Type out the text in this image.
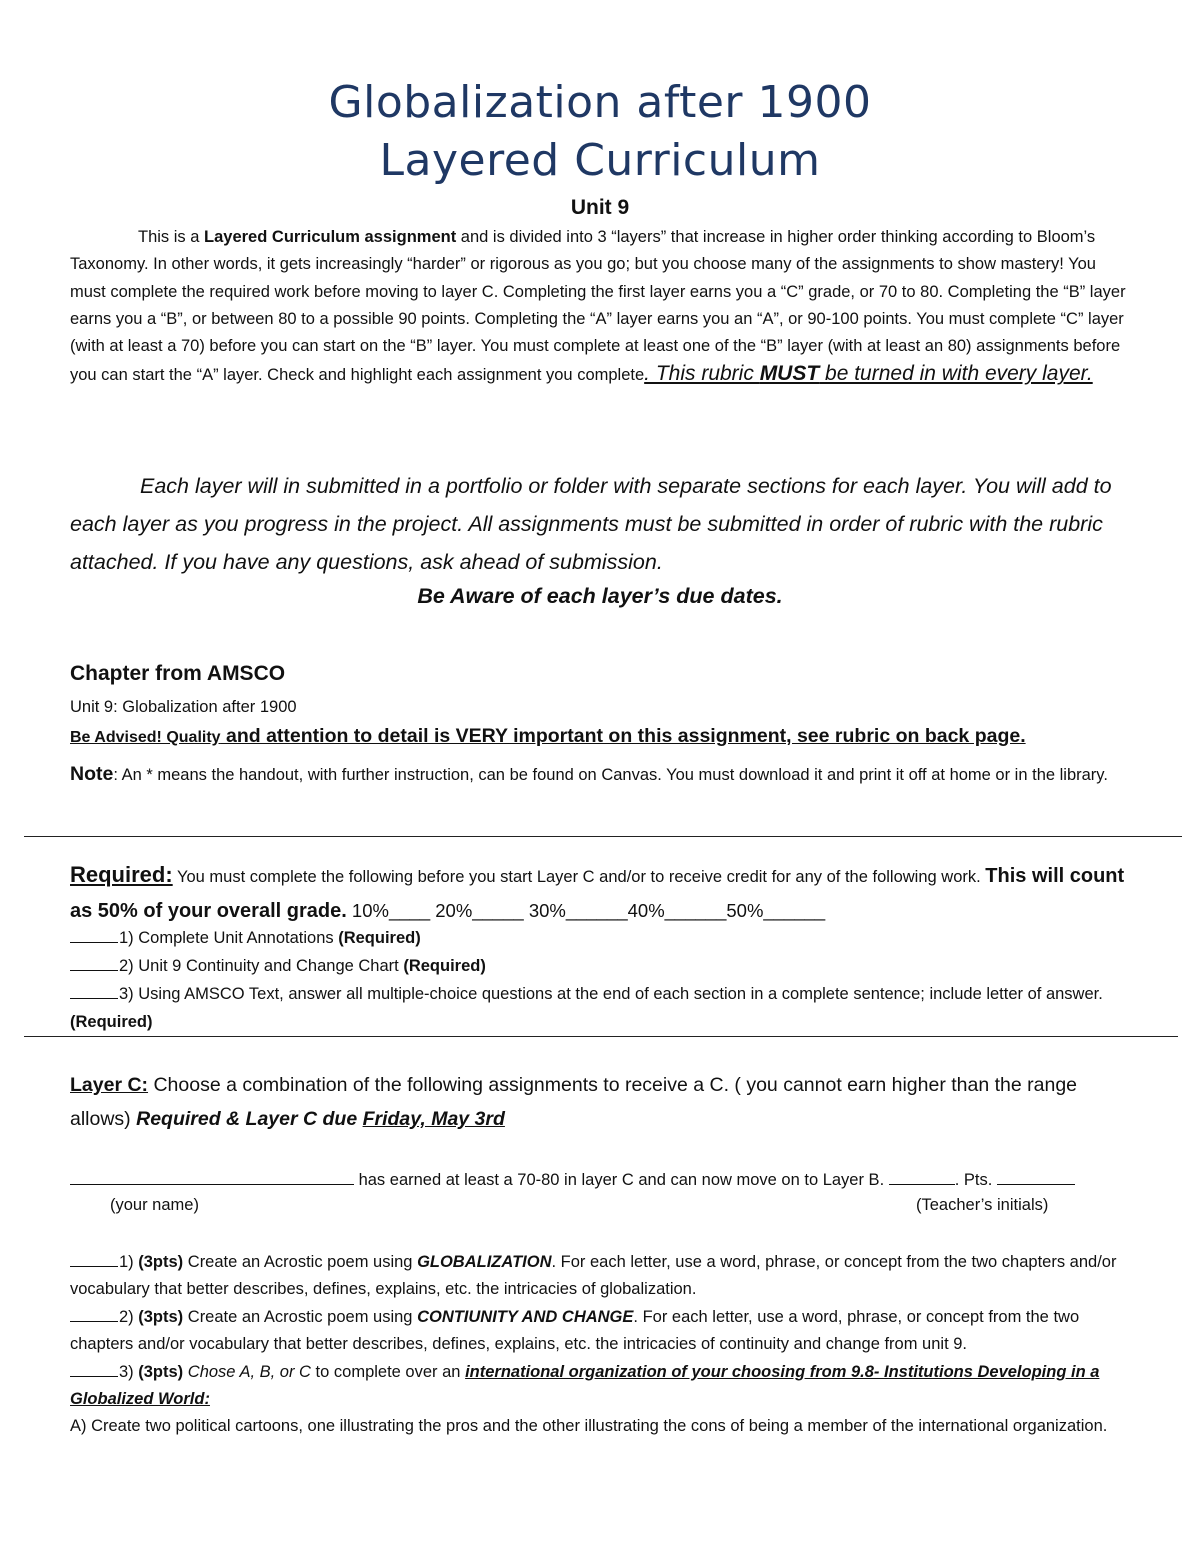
Globalization after 1900
Layered Curriculum
Unit 9
This is a Layered Curriculum assignment and is divided into 3 “layers” that increase in higher order thinking according to Bloom’s Taxonomy. In other words, it gets increasingly “harder” or rigorous as you go; but you choose many of the assignments to show mastery! You must complete the required work before moving to layer C. Completing the first layer earns you a “C” grade, or 70 to 80. Completing the “B” layer earns you a “B”, or between 80 to a possible 90 points. Completing the “A” layer earns you an “A”, or 90-100 points. You must complete “C” layer (with at least a 70) before you can start on the “B” layer. You must complete at least one of the “B” layer (with at least an 80) assignments before you can start the “A” layer. Check and highlight each assignment you complete. This rubric MUST be turned in with every layer.
Each layer will in submitted in a portfolio or folder with separate sections for each layer. You will add to each layer as you progress in the project. All assignments must be submitted in order of rubric with the rubric attached. If you have any questions, ask ahead of submission.
Be Aware of each layer’s due dates.
Chapter from AMSCO
Unit 9: Globalization after 1900
Be Advised! Quality and attention to detail is VERY important on this assignment, see rubric on back page.
Note: An * means the handout, with further instruction, can be found on Canvas. You must download it and print it off at home or in the library.
Required: You must complete the following before you start Layer C and/or to receive credit for any of the following work. This will count as 50% of your overall grade. 10%____ 20%_____ 30%______40%______50%______
1) Complete Unit Annotations (Required)
2) Unit 9 Continuity and Change Chart (Required)
3) Using AMSCO Text, answer all multiple-choice questions at the end of each section in a complete sentence; include letter of answer. (Required)
Layer C: Choose a combination of the following assignments to receive a C. ( you cannot earn higher than the range allows) Required & Layer C due Friday, May 3rd
has earned at least a 70-80 in layer C and can now move on to Layer B.	. Pts.
(your name)	(Teacher’s initials)
1) (3pts) Create an Acrostic poem using GLOBALIZATION. For each letter, use a word, phrase, or concept from the two chapters and/or vocabulary that better describes, defines, explains, etc. the intricacies of globalization.
2) (3pts) Create an Acrostic poem using CONTIUNITY AND CHANGE. For each letter, use a word, phrase, or concept from the two chapters and/or vocabulary that better describes, defines, explains, etc. the intricacies of continuity and change from unit 9.
3) (3pts) Chose A, B, or C to complete over an international organization of your choosing from 9.8- Institutions Developing in a Globalized World:
A) Create two political cartoons, one illustrating the pros and the other illustrating the cons of being a member of the international organization.
